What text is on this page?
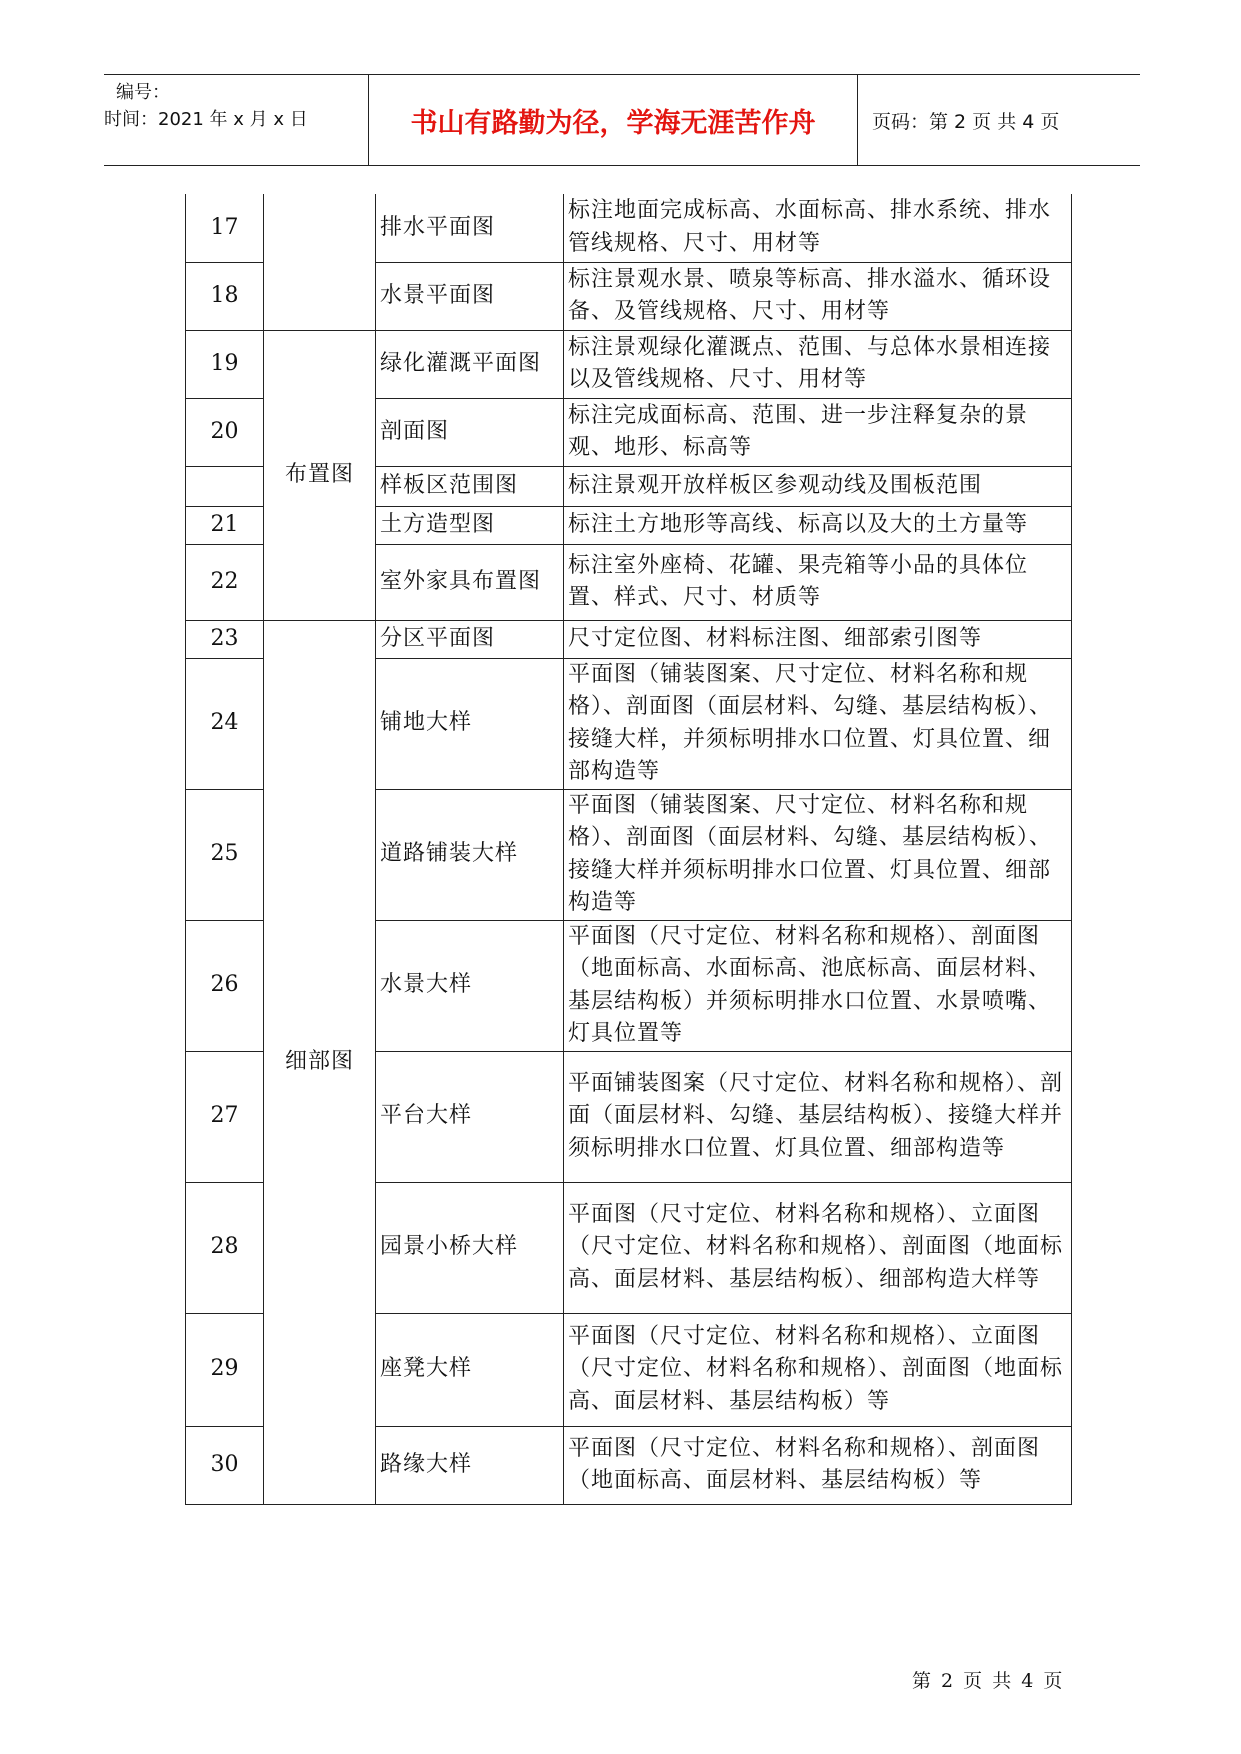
编号：
时间：2021 年 x 月 x 日	书山有路勤为径，学海无涯苦作舟	页码：第 2 页 共 4 页
17		排水平面图	标注地面完成标高、水面标高、排水系统、排水管线规格、尺寸、用材等
18		水景平面图	标注景观水景、喷泉等标高、排水溢水、循环设备、及管线规格、尺寸、用材等
19	布置图	绿化灌溉平面图	标注景观绿化灌溉点、范围、与总体水景相连接以及管线规格、尺寸、用材等
20		剖面图	标注完成面标高、范围、进一步注释复杂的景观、地形、标高等
		样板区范围图	标注景观开放样板区参观动线及围板范围
21		土方造型图	标注土方地形等高线、标高以及大的土方量等
22		室外家具布置图	标注室外座椅、花罐、果壳箱等小品的具体位置、样式、尺寸、材质等
23	细部图	分区平面图	尺寸定位图、材料标注图、细部索引图等
24		铺地大样	平面图（铺装图案、尺寸定位、材料名称和规格）、剖面图（面层材料、勾缝、基层结构板）、接缝大样，并须标明排水口位置、灯具位置、细部构造等
25		道路铺装大样	平面图（铺装图案、尺寸定位、材料名称和规格）、剖面图（面层材料、勾缝、基层结构板）、接缝大样并须标明排水口位置、灯具位置、细部构造等
26		水景大样	平面图（尺寸定位、材料名称和规格）、剖面图（地面标高、水面标高、池底标高、面层材料、基层结构板）并须标明排水口位置、水景喷嘴、灯具位置等
27		平台大样	平面铺装图案（尺寸定位、材料名称和规格）、剖面（面层材料、勾缝、基层结构板）、接缝大样并须标明排水口位置、灯具位置、细部构造等
28		园景小桥大样	平面图（尺寸定位、材料名称和规格）、立面图（尺寸定位、材料名称和规格）、剖面图（地面标高、面层材料、基层结构板）、细部构造大样等
29		座凳大样	平面图（尺寸定位、材料名称和规格）、立面图（尺寸定位、材料名称和规格）、剖面图（地面标高、面层材料、基层结构板）等
30		路缘大样	平面图（尺寸定位、材料名称和规格）、剖面图（地面标高、面层材料、基层结构板）等
第 2 页 共 4 页
